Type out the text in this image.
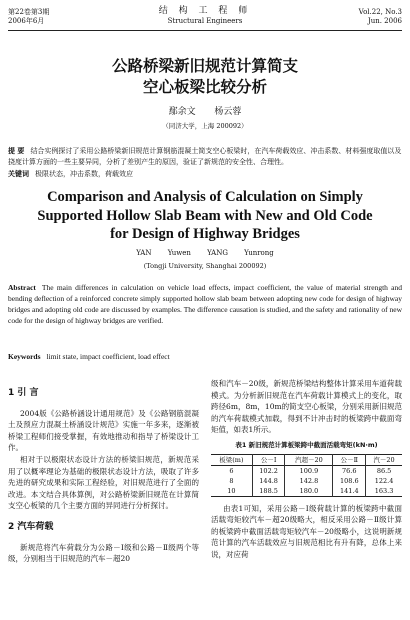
第22卷第3期
2006年6月
结 构 工 程 师
Structural Engineers
Vol.22, No.3
Jun. 2006
公路桥梁新旧规范计算简支
空心板梁比较分析
鄢余文 杨云蓉
（同济大学，上海 200092）
提 要 结合实例探讨了采用公路桥梁新旧规范计算钢筋混凝土简支空心板梁时，在汽车荷载效应、冲击系数、材料强度取值以及挠度计算方面的一些主要异同，分析了差别产生的原因，验证了新规范的安全性、合理性。
关键词 极限状态，冲击系数，荷载效应
Comparison and Analysis of Calculation on Simply
Supported Hollow Slab Beam with New and Old Code
for Design of Highway Bridges
YAN Yuwen YANG Yunrong
(Tongji University, Shanghai 200092)
Abstract The main differences in calculation on vehicle load effects, impact coefficient, the value of material strength and bending deflection of a reinforced concrete simply supported hollow slab beam between adopting new code for design of highway bridges and adopting old code are discussed by examples. The difference causation is studied, and the safety and rationality of new code for the design of highway bridges are verified.
Keywords limit state, impact coefficient, load effect

1 引 言

2004版《公路桥涵设计通用规范》及《公路钢筋混凝土及预应力混凝土桥涵设计规范》实施一年多来，逐渐被桥梁工程师们接受掌握，有效地推动和指导了桥梁设计工作。

相对于以极限状态设计方法的桥梁旧规范，新规范采用了以概率理论为基础的极限状态设计方法，吸取了许多先进的研究成果和实际工程经验，对旧规范进行了全面的改进。本文结合具体算例，对公路桥梁新旧规范在计算简支空心板梁的几个主要方面的异同进行分析探讨。

2 汽车荷载

新规范将汽车荷载分为公路－Ⅰ级和公路－Ⅱ级两个等级，分别相当于旧规范的汽车－超20

级和汽车－20级，新规范桥梁结构整体计算采用车道荷载模式。为分析新旧规范在汽车荷载计算模式上的变化，取跨径6m，8m，10m的简支空心板梁，分别采用新旧规范的汽车荷载模式加载，得到不计冲击时的板梁跨中截面弯矩值，如表1所示。

表1 新旧规范计算板梁跨中截面活载弯矩(kN·m)

板梁(m)	公－Ⅰ	汽超－20	公－Ⅱ	汽－20
6	102.2	100.9	76.6	86.5
8	144.8	142.8	108.6	122.4
10	188.5	180.0	141.4	163.3

由表1可知，采用公路－Ⅰ级荷载计算的板梁跨中截面活载弯矩较汽车－超20级略大，相反采用公路－Ⅱ级计算的板梁跨中截面活载弯矩较汽车－20级略小，这说明新规范计算的汽车活载效应与旧规范相比有升有降，总体上来说，对应荷
